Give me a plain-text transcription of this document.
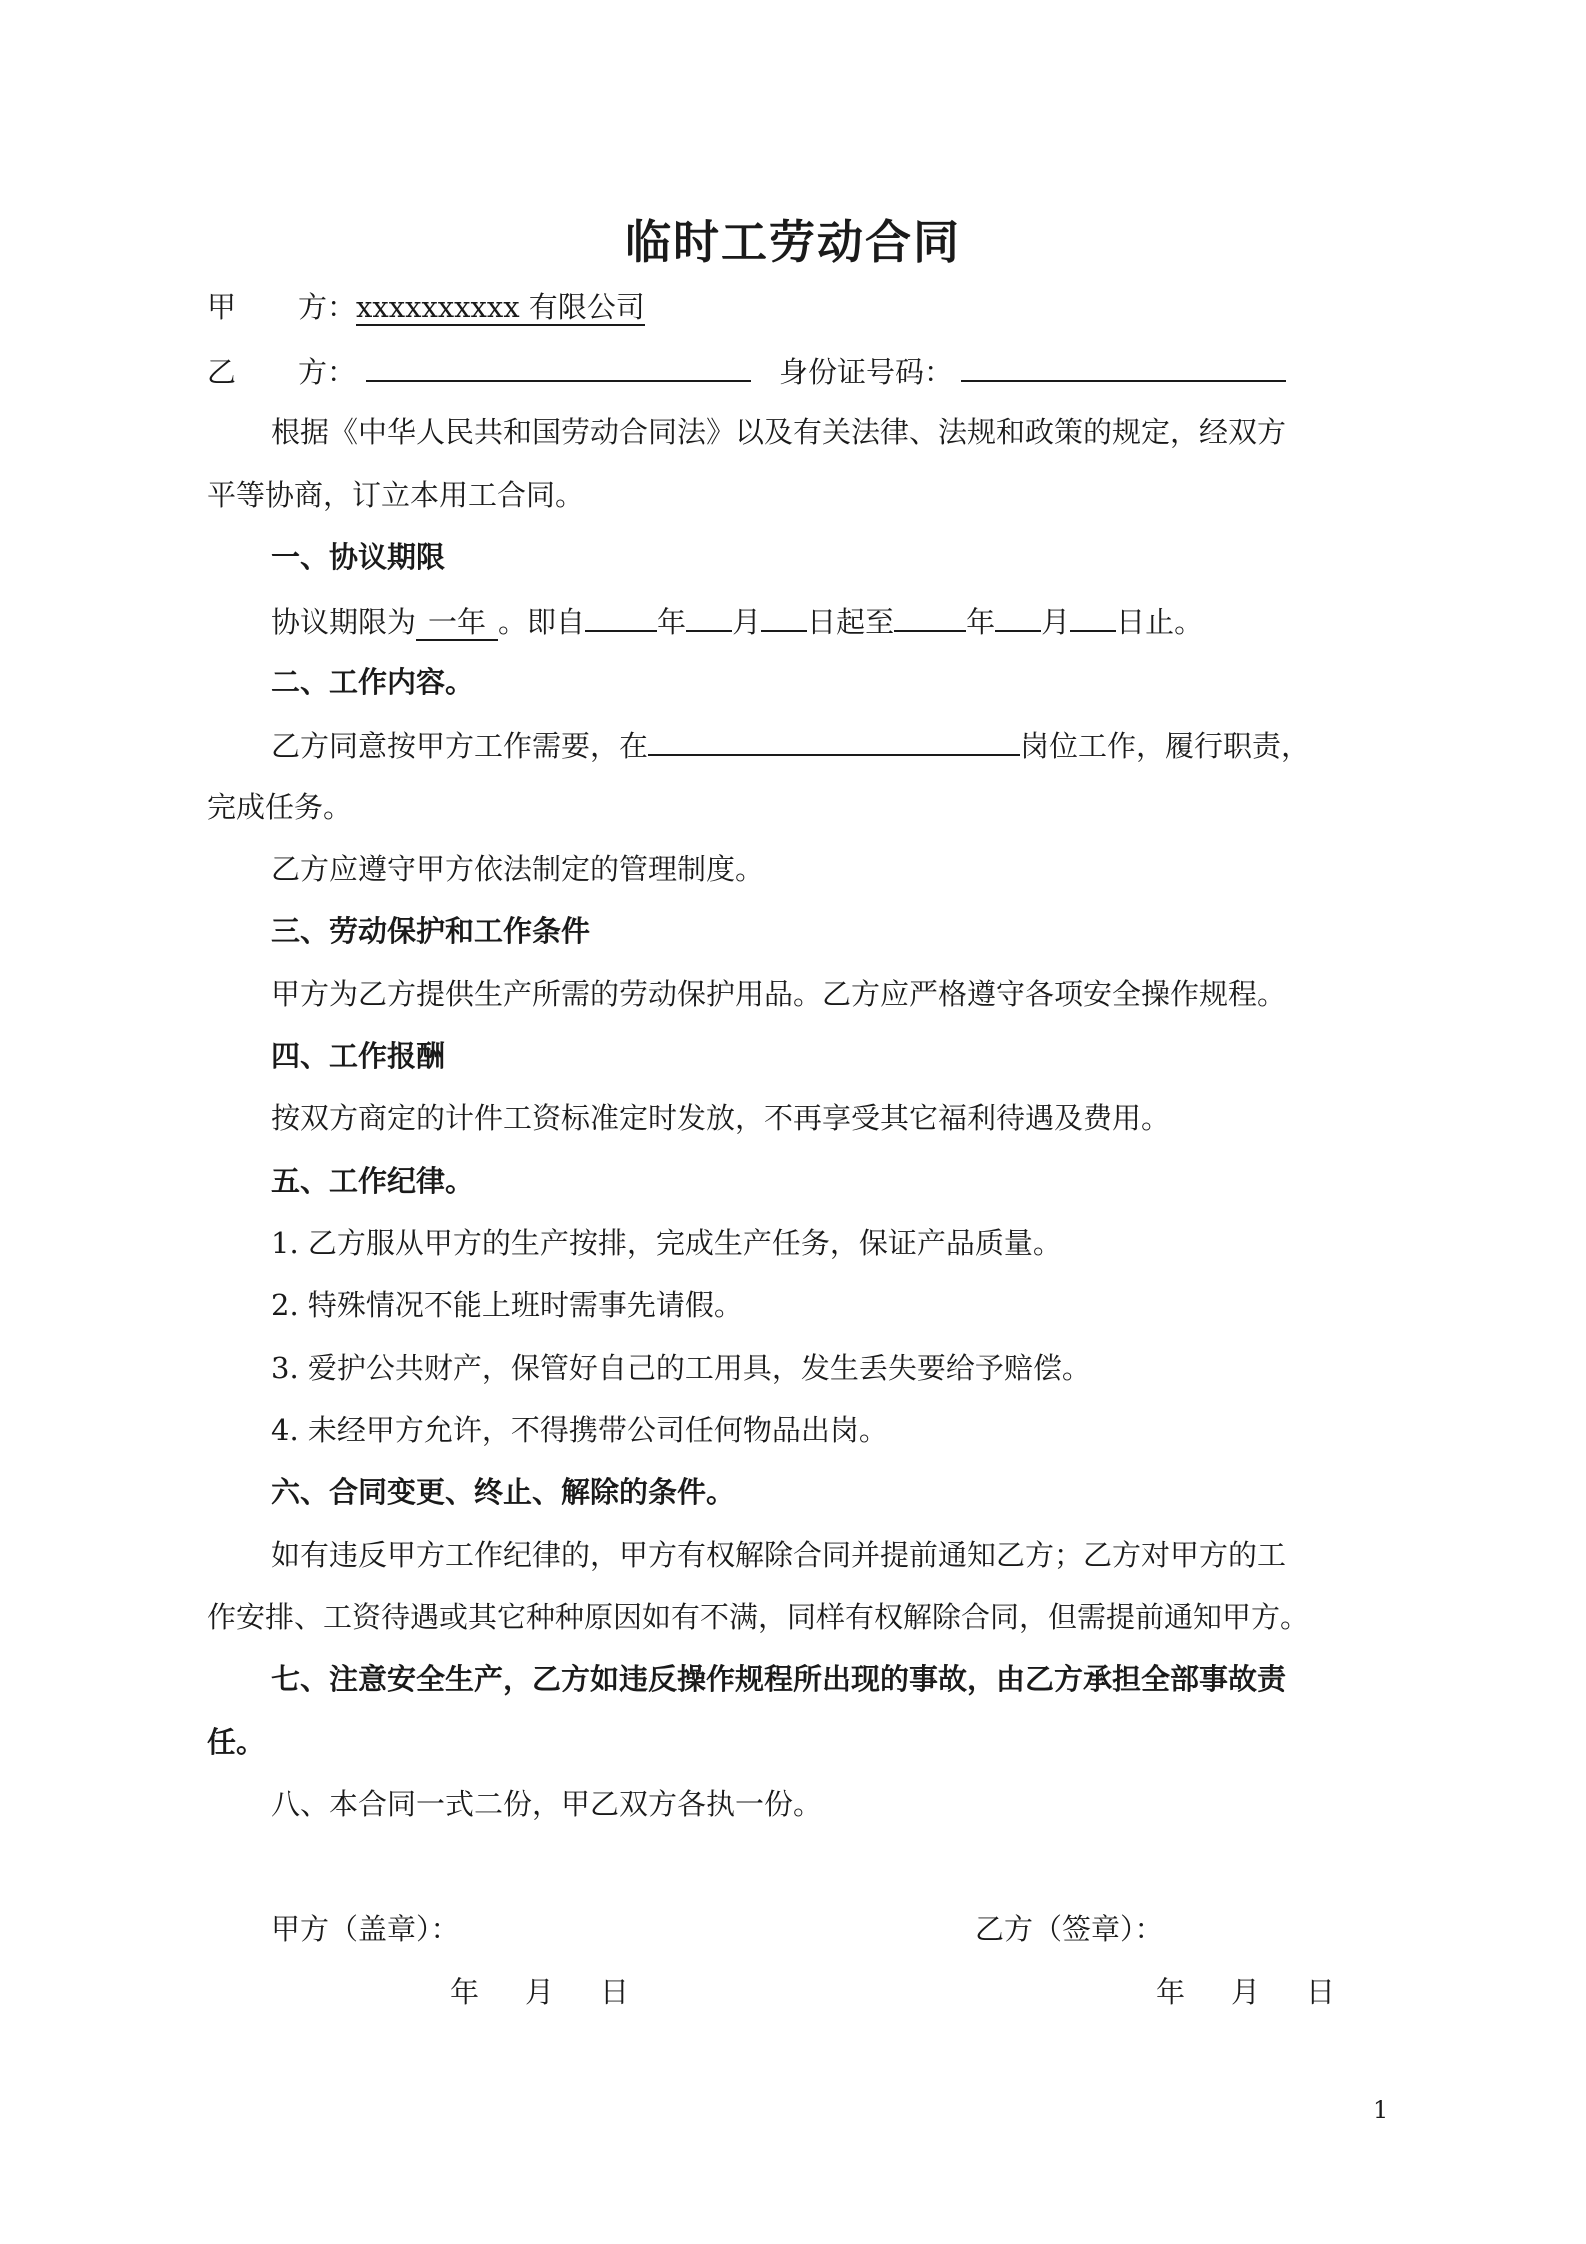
临时工劳动合同
甲 方：xxxxxxxxxx 有限公司
乙 方：	身份证号码：
根据《中华人民共和国劳动合同法》以及有关法律、法规和政策的规定，经双方
平等协商，订立本用工合同。
一、协议期限
协议期限为 一年 。即自 年 月 日起至 年 月 日止。
二、工作内容。
乙方同意按甲方工作需要，在	岗位工作，履行职责，
完成任务。
乙方应遵守甲方依法制定的管理制度。
三、劳动保护和工作条件
甲方为乙方提供生产所需的劳动保护用品。乙方应严格遵守各项安全操作规程。
四、工作报酬
按双方商定的计件工资标准定时发放，不再享受其它福利待遇及费用。
五、工作纪律。
1. 乙方服从甲方的生产按排，完成生产任务，保证产品质量。
2. 特殊情况不能上班时需事先请假。
3. 爱护公共财产，保管好自己的工用具，发生丢失要给予赔偿。
4. 未经甲方允许，不得携带公司任何物品出岗。
六、合同变更、终止、解除的条件。
如有违反甲方工作纪律的，甲方有权解除合同并提前通知乙方；乙方对甲方的工
作安排、工资待遇或其它种种原因如有不满，同样有权解除合同，但需提前通知甲方。
七、注意安全生产，乙方如违反操作规程所出现的事故，由乙方承担全部事故责
任。
八、本合同一式二份，甲乙双方各执一份。
甲方（盖章）：	乙方（签章）：
年 月 日	年 月 日
1
